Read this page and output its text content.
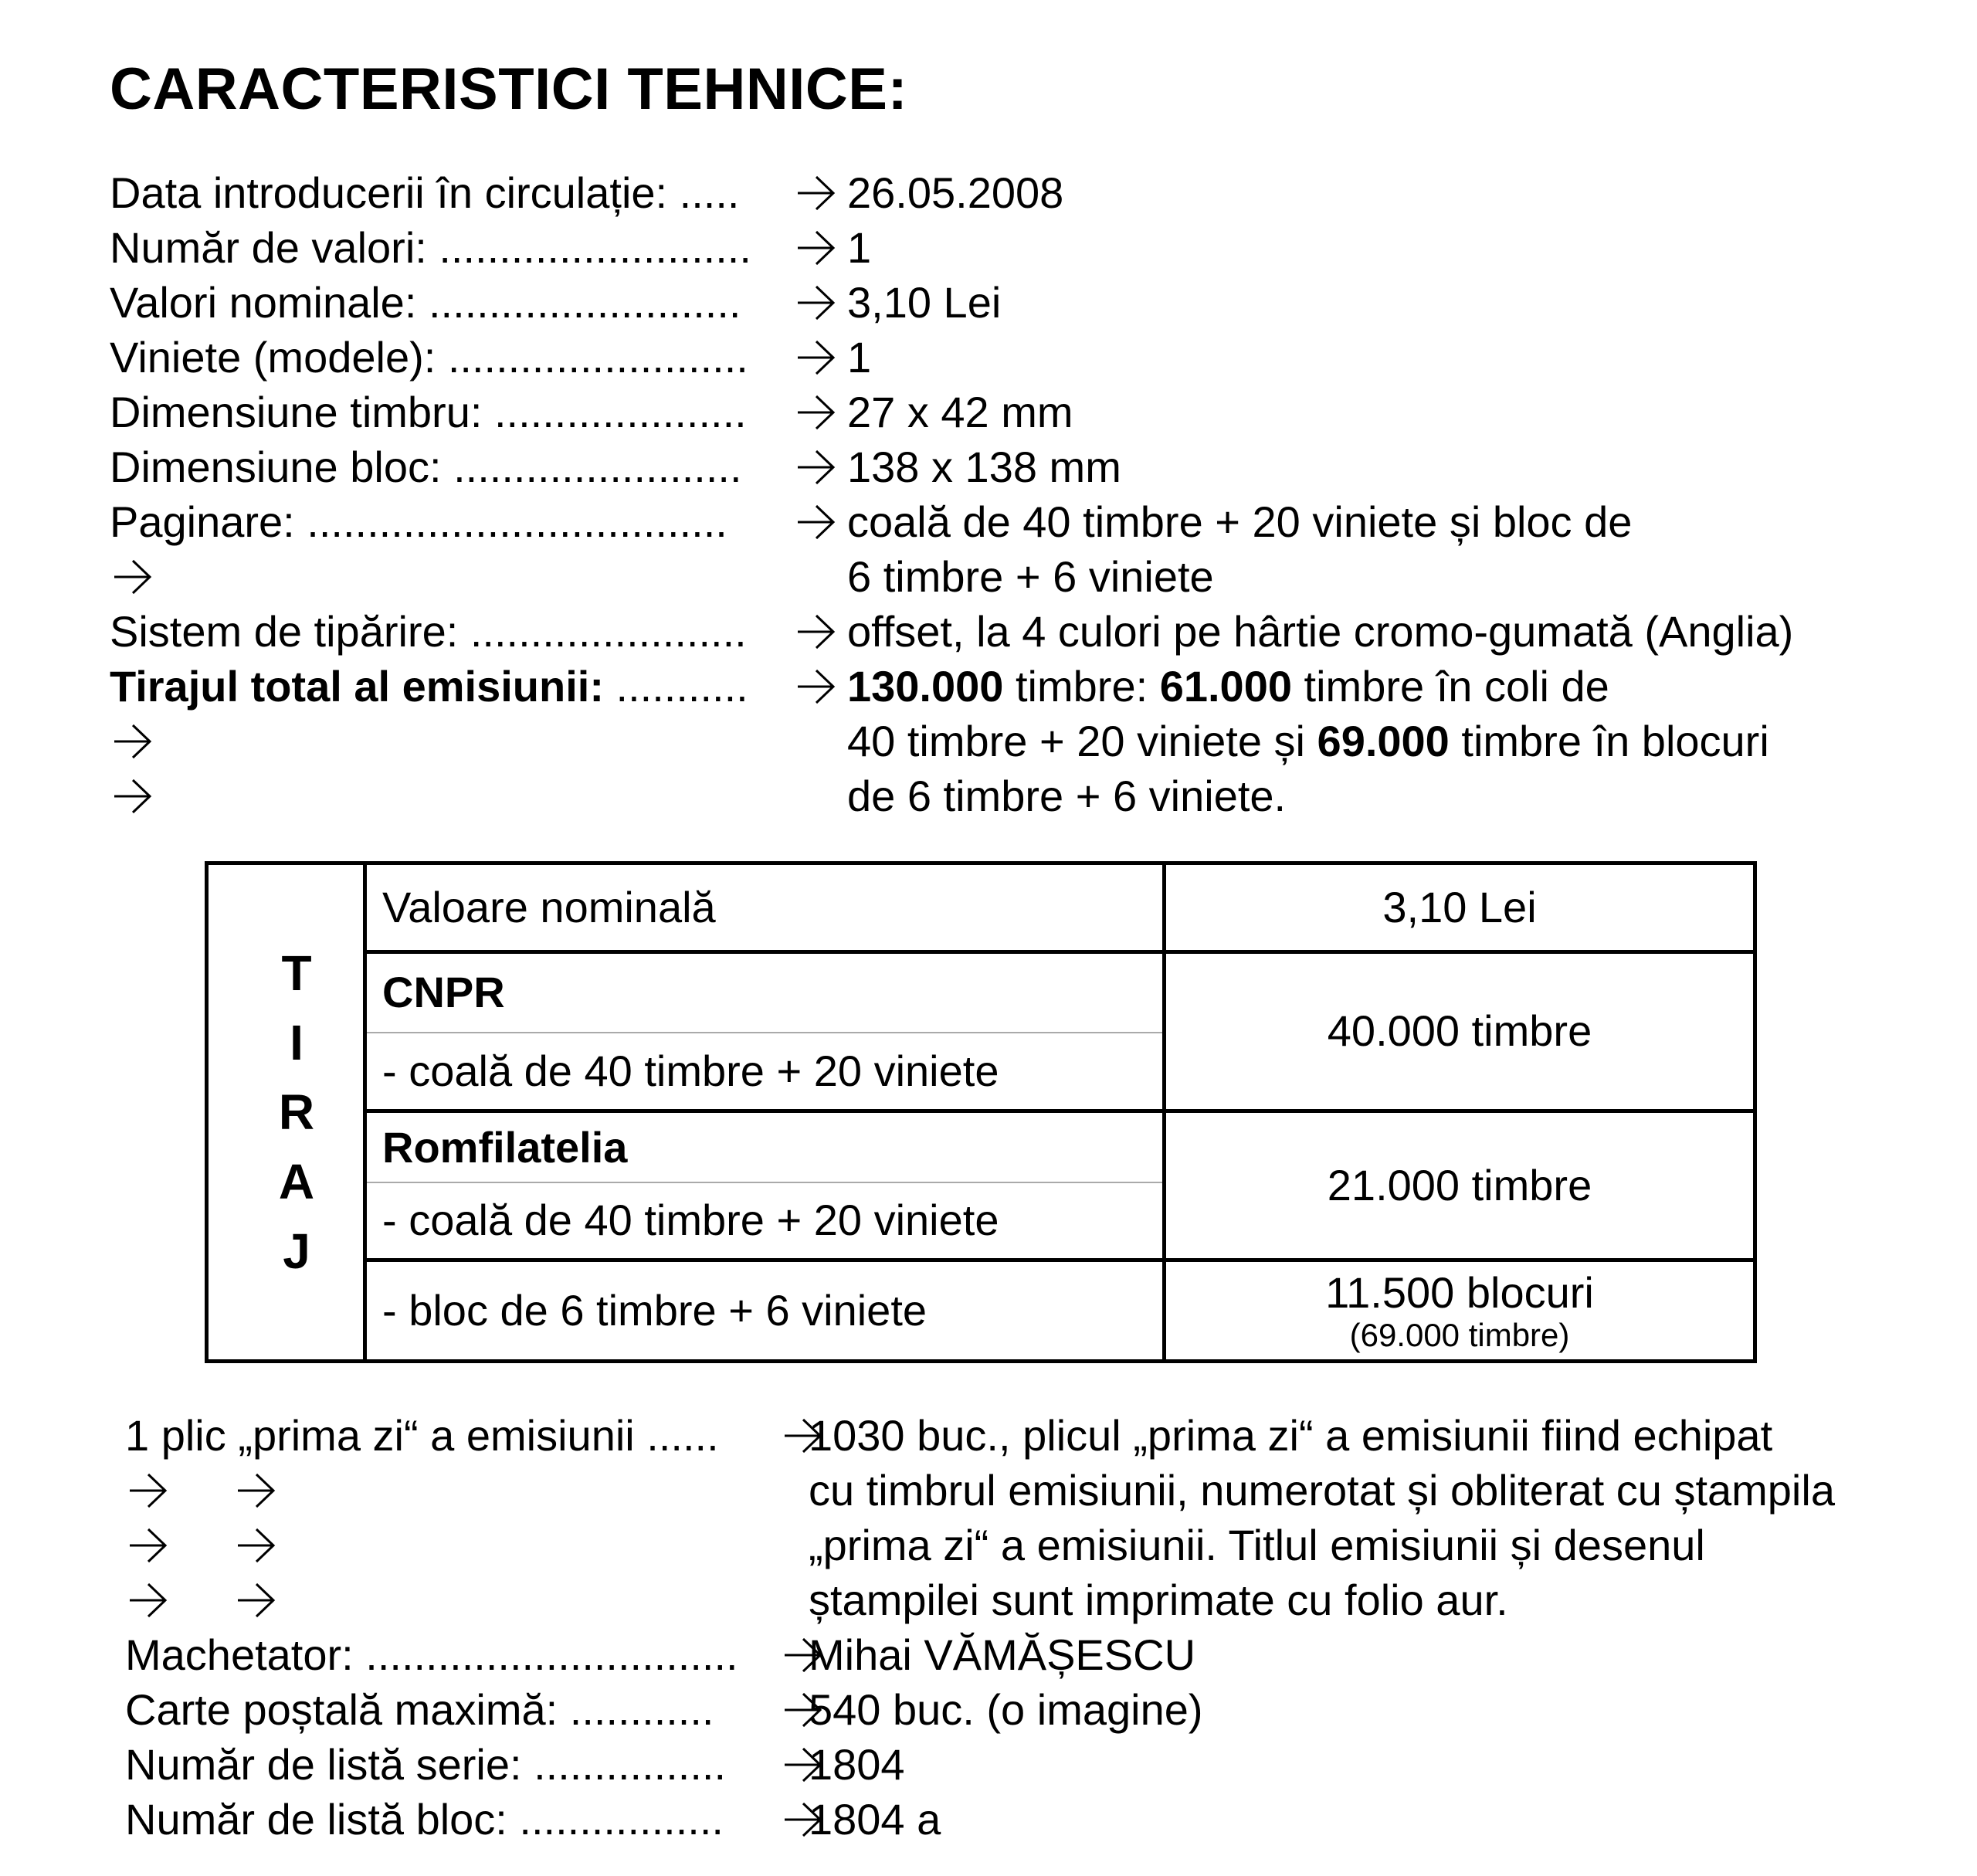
CARACTERISTICI TEHNICE:
Data introducerii în circulație: ..... 26.05.2008
Număr de valori: .......................... 1
Valori nominale: .......................... 3,10 Lei
Viniete (modele): ......................... 1
Dimensiune timbru: ..................... 27 x 42 mm
Dimensiune bloc: ........................ 138 x 138 mm
Paginare: ...................................	coală de 40 timbre + 20 viniete și bloc de
6 timbre + 6 viniete
Sistem de tipărire: ....................... offset, la 4 culori pe hârtie cromo-gumată (Anglia)
Tirajul total al emisiunii: ........... 130.000 timbre: 61.000 timbre în coli de
40 timbre + 20 viniete și 69.000 timbre în blocuri
de 6 timbre + 6 viniete.
T
I
R
A
J	Valoare nominală	3,10 Lei
	CNPR	40.000 timbre
	- coală de 40 timbre + 20 viniete	
	Romfilatelia	21.000 timbre
	- coală de 40 timbre + 20 viniete	
	- bloc de 6 timbre + 6 viniete	11.500 blocuri
(69.000 timbre)
1 plic „prima zi“ a emisiunii ...... 1030 buc., plicul „prima zi“ a emisiunii fiind echipat
cu timbrul emisiunii, numerotat și obliterat cu ștampila
„prima zi“ a emisiunii. Titlul emisiunii și desenul
ștampilei sunt imprimate cu folio aur.
Machetator: ............................... Mihai VĂMĂȘESCU
Carte poștală maximă: ............ 540 buc. (o imagine)
Număr de listă serie: ................ 1804
Număr de listă bloc: ................. 1804 a
